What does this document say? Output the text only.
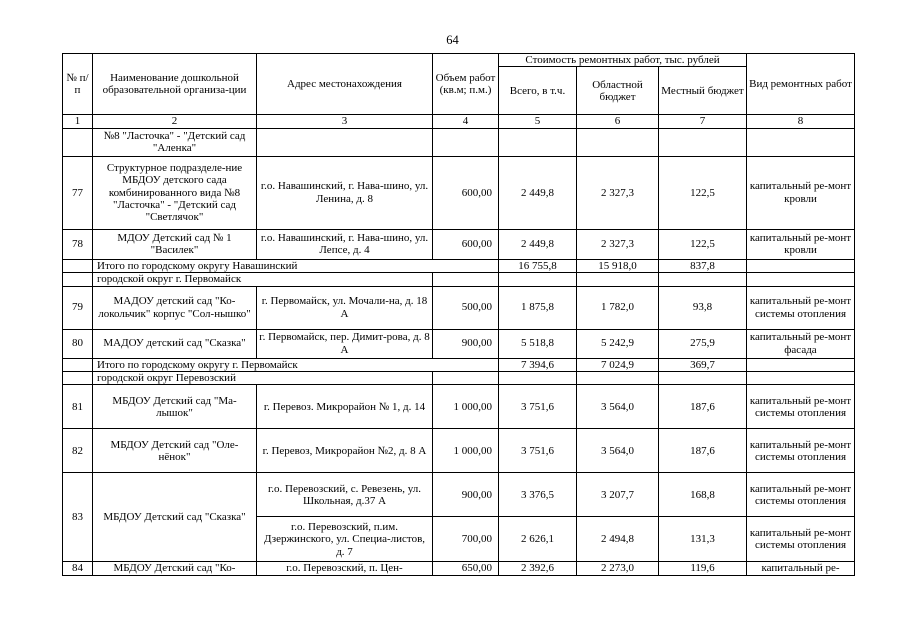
64
№ п/п	Наименование дошкольной образовательной организа-ции	Адрес местонахождения	Объем работ (кв.м; п.м.)	Стоимость ремонтных работ, тыс. рублей			Вид ремонтных работ
				Всего, в т.ч.	Областной бюджет	Местный бюджет	
1	2	3	4	5	6	7	8
	№8 "Ласточка" - "Детский сад "Аленка"						
77	Структурное подразделе-ние МБДОУ детского сада комбинированного вида №8 "Ласточка" - "Детский сад "Светлячок"	г.о. Навашинский, г. Нава-шино, ул. Ленина, д. 8	600,00	2 449,8	2 327,3	122,5	капитальный ре-монт кровли
78	МДОУ Детский сад № 1 "Василек"	г.о. Навашинский, г. Нава-шино, ул. Лепсе, д. 4	600,00	2 449,8	2 327,3	122,5	капитальный ре-монт кровли
	Итого по городскому округу Навашинский			16 755,8	15 918,0	837,8	
	городской округ г. Первомайск						
79	МАДОУ детский сад "Ко-локольчик" корпус "Сол-нышко"	г. Первомайск, ул. Мочали-на, д. 18 А	500,00	1 875,8	1 782,0	93,8	капитальный ре-монт системы отопления
80	МАДОУ детский сад "Сказка"	г. Первомайск, пер. Димит-рова, д. 8 А	900,00	5 518,8	5 242,9	275,9	капитальный ре-монт фасада
	Итого по городскому округу г. Первомайск			7 394,6	7 024,9	369,7	
	городской округ Перевозский						
81	МБДОУ Детский сад "Ма-лышок"	г. Перевоз. Микрорайон № 1, д. 14	1 000,00	3 751,6	3 564,0	187,6	капитальный ре-монт системы отопления
82	МБДОУ Детский сад "Оле-нёнок"	г. Перевоз, Микрорайон №2, д. 8 А	1 000,00	3 751,6	3 564,0	187,6	капитальный ре-монт системы отопления
83	МБДОУ Детский сад "Сказка"	г.о. Перевозский, с. Ревезень, ул. Школьная, д.37 А	900,00	3 376,5	3 207,7	168,8	капитальный ре-монт системы отопления
		г.о. Перевозский, п.им. Дзержинского, ул. Специа-листов, д. 7	700,00	2 626,1	2 494,8	131,3	капитальный ре-монт системы отопления
84	МБДОУ Детский сад "Ко-	г.о. Перевозский, п. Цен-	650,00	2 392,6	2 273,0	119,6	капитальный ре-
